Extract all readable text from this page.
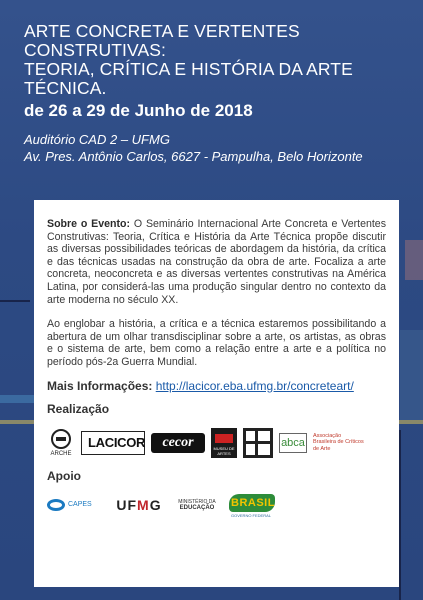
ARTE CONCRETA E VERTENTES
CONSTRUTIVAS:
TEORIA, CRÍTICA E HISTÓRIA DA ARTE
TÉCNICA.
de 26 a 29 de Junho de 2018
Auditório CAD 2 – UFMG
Av. Pres. Antônio Carlos, 6627 - Pampulha, Belo Horizonte

Sobre o Evento: O Seminário Internacional Arte Concreta e Vertentes Construtivas: Teoria, Crítica e História da Arte Técnica propõe discutir as diversas possibilidades teóricas de abordagem da história, da crítica e das técnicas usadas na construção da obra de arte. Focaliza a arte concreta, neoconcreta e as diversas vertentes construtivas na América Latina, por considerá-las uma produção singular dentro no contexto da arte moderna no século XX.

Ao englobar a história, a crítica e a técnica estaremos possibilitando a abertura de um olhar transdisciplinar sobre a arte, os artistas, as obras e o sistema de arte, bem como a relação entre a arte e a política no período pós-2a Guerra Mundial.

Mais Informações: http://lacicor.eba.ufmg.br/concreteart/
Realização
ARCHE
LACICOR	cecor	MUSEU DE ARTES
abca
Associação Brasileira de Críticos de Arte
Apoio
CAPES UF M G	MINISTÉRIO DA
EDUCAÇÃO BRASIL
GOVERNO FEDERAL
